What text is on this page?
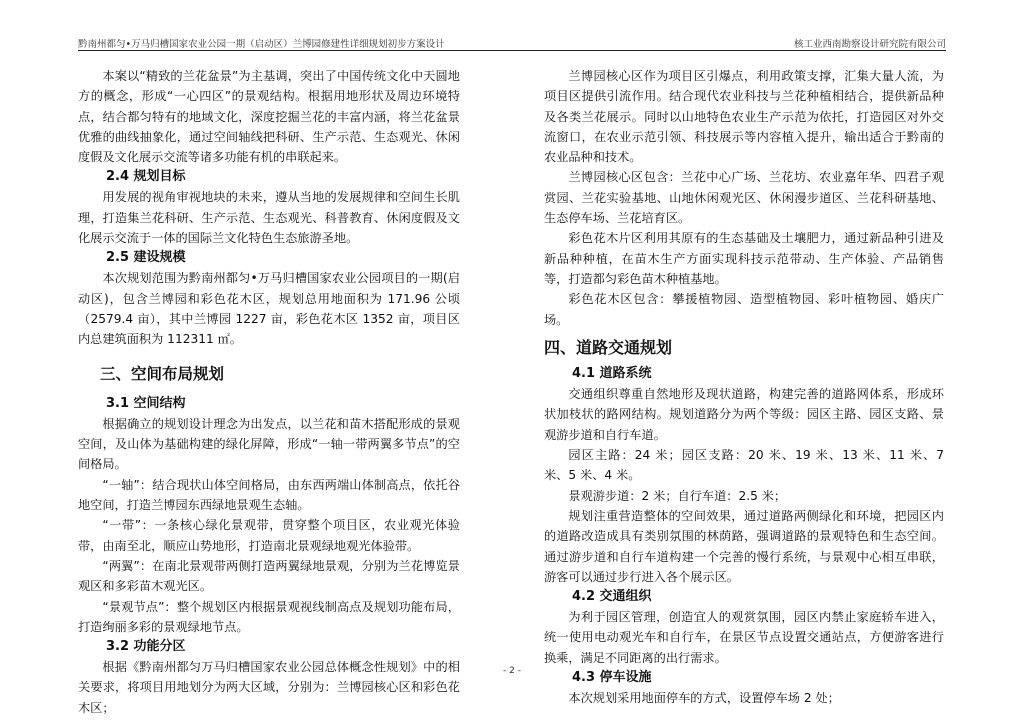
黔南州都匀•万马归槽国家农业公园一期（启动区）兰博园修建性详细规划初步方案设计	核工业西南勘察设计研究院有限公司

本案以“精致的兰花盆景”为主基调，突出了中国传统文化中天圆地方的概念，形成“一心四区”的景观结构。根据用地形状及周边环境特点，结合都匀特有的地域文化，深度挖掘兰花的丰富内涵，将兰花盆景优雅的曲线抽象化，通过空间轴线把科研、生产示范、生态观光、休闲度假及文化展示交流等诸多功能有机的串联起来。

2.4 规划目标

用发展的视角审视地块的未来，遵从当地的发展规律和空间生长肌理，打造集兰花科研、生产示范、生态观光、科普教育、休闲度假及文化展示交流于一体的国际兰文化特色生态旅游圣地。

2.5 建设规模

本次规划范围为黔南州都匀•万马归槽国家农业公园项目的一期(启动区)，包含兰博园和彩色花木区，规划总用地面积为 171.96 公顷（2579.4 亩），其中兰博园 1227 亩，彩色花木区 1352 亩，项目区内总建筑面积为 112311 ㎡。

三、空间布局规划
3.1 空间结构

根据确立的规划设计理念为出发点，以兰花和苗木搭配形成的景观空间，及山体为基础构建的绿化屏障，形成“一轴一带两翼多节点”的空间格局。

“一轴”：结合现状山体空间格局，由东西两端山体制高点，依托谷地空间，打造兰博园东西绿地景观生态轴。

“一带”：一条核心绿化景观带，贯穿整个项目区，农业观光体验带，由南至北，顺应山势地形，打造南北景观绿地观光体验带。

“两翼”：在南北景观带两侧打造两翼绿地景观，分别为兰花博览景观区和多彩苗木观光区。

“景观节点”：整个规划区内根据景观视线制高点及规划功能布局，打造绚丽多彩的景观绿地节点。

3.2 功能分区

根据《黔南州都匀万马归槽国家农业公园总体概念性规划》中的相关要求，将项目用地划分为两大区域，分别为：兰博园核心区和彩色花木区；

兰博园核心区作为项目区引爆点，利用政策支撑，汇集大量人流，为项目区提供引流作用。结合现代农业科技与兰花种植相结合，提供新品种及各类兰花展示。同时以山地特色农业生产示范为依托，打造园区对外交流窗口，在农业示范引领、科技展示等内容植入提升，输出适合于黔南的农业品种和技术。

兰博园核心区包含：兰花中心广场、兰花坊、农业嘉年华、四君子观赏园、兰花实验基地、山地休闲观光区、休闲漫步道区、兰花科研基地、生态停车场、兰花培育区。

彩色花木片区利用其原有的生态基础及土壤肥力，通过新品种引进及新品种种植，在苗木生产方面实现科技示范带动、生产体验、产品销售等，打造都匀彩色苗木种植基地。

彩色花木区包含：攀援植物园、造型植物园、彩叶植物园、婚庆广场。

四、道路交通规划
4.1 道路系统

交通组织尊重自然地形及现状道路，构建完善的道路网体系，形成环状加枝状的路网结构。规划道路分为两个等级：园区主路、园区支路、景观游步道和自行车道。

园区主路：24 米；园区支路：20 米、19 米、13 米、11 米、7 米、5 米、4 米。

景观游步道：2 米；自行车道：2.5 米；

规划注重营造整体的空间效果，通过道路两侧绿化和环境，把园区内的道路改造成具有类别氛围的林荫路，强调道路的景观特色和生态空间。通过游步道和自行车道构建一个完善的慢行系统，与景观中心相互串联，游客可以通过步行进入各个展示区。

4.2 交通组织

为利于园区管理，创造宜人的观赏氛围，园区内禁止家庭轿车进入，统一使用电动观光车和自行车，在景区节点设置交通站点，方便游客进行换乘，满足不同距离的出行需求。

4.3 停车设施

本次规划采用地面停车的方式，设置停车场 2 处；

- 2 -
